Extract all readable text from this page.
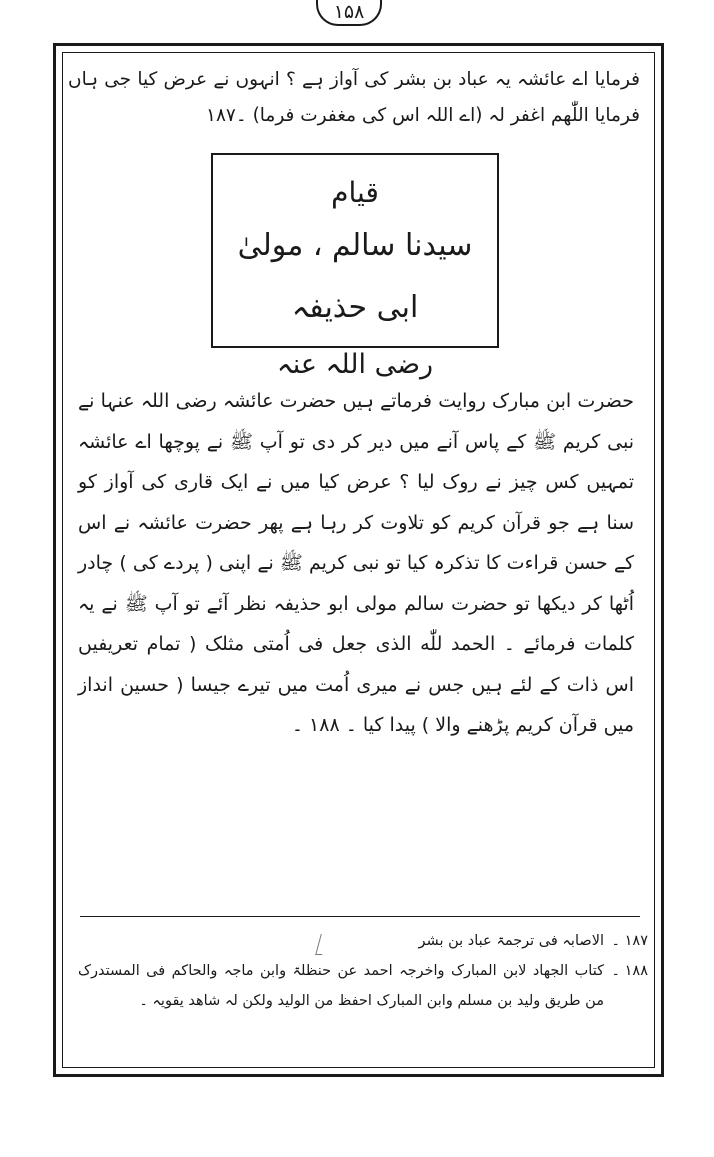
۱۵۸
فرمایا اے عائشہ یہ عباد بن بشر کی آواز ہے ؟ انہوں نے عرض کیا جی ہاں فرمایا اللّٰھم اغفر لہ (اے اللہ اس کی مغفرت فرما) ۔۱۸۷
قیام
سیدنا سالم ، مولیٰ ابی حذیفہ
رضی اللہ عنہ
حضرت ابن مبارک روایت فرماتے ہیں حضرت عائشہ رضی اللہ عنہا نے نبی کریم ﷺ کے پاس آنے میں دیر کر دی تو آپ ﷺ نے پوچھا اے عائشہ تمہیں کس چیز نے روک لیا ؟ عرض کیا میں نے ایک قاری کی آواز کو سنا ہے جو قرآن کریم کو تلاوت کر رہا ہے پھر حضرت عائشہ نے اس کے حسن قراءت کا تذکرہ کیا تو نبی کریم ﷺ نے اپنی ( پردے کی ) چادر اُٹھا کر دیکھا تو حضرت سالم مولی ابو حذیفہ نظر آئے تو آپ ﷺ نے یہ کلمات فرمائے ۔ الحمد للّٰه الذی جعل فی اُمتی مثلک ( تمام تعریفیں اس ذات کے لئے ہیں جس نے میری اُمت میں تیرے جیسا ( حسین انداز میں قرآن کریم پڑھنے والا ) پیدا کیا ۔ ۱۸۸ ۔
۱۸۷ ۔
الاصابہ فی ترجمۃ عباد بن بشر
۱۸۸ ۔
کتاب الجھاد لابن المبارک واخرجہ احمد عن حنظلۃ وابن ماجہ والحاکم فی المستدرک من طریق ولید بن مسلم وابن المبارک احفظ من الولید ولکن لہ شاھد یقویہ ۔
